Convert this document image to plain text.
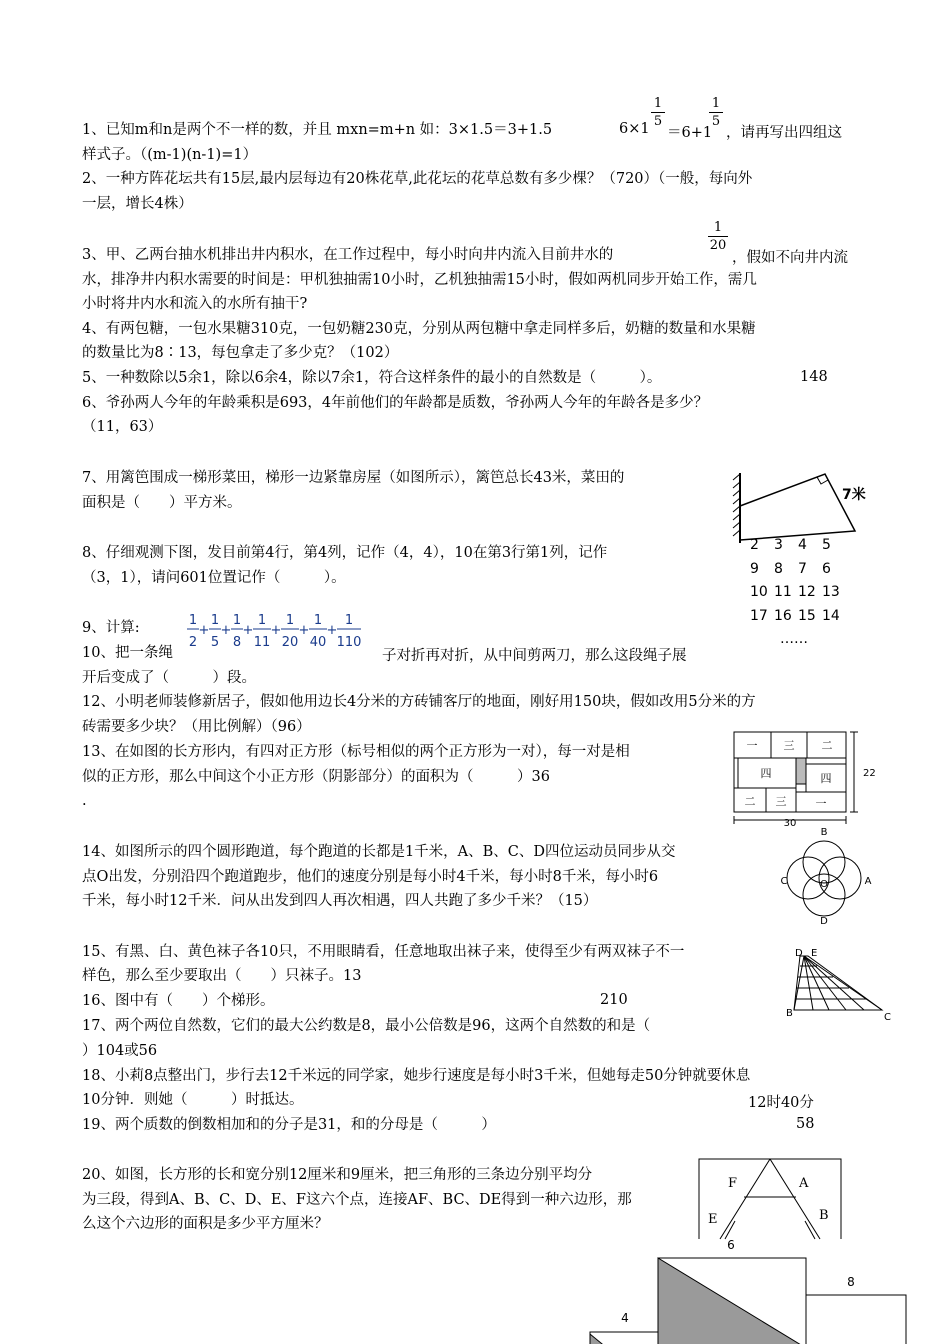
1、已知m和n是两个不一样的数，并且 mxn=m+n 如：3×1.5＝3+1.5	6×1
1
5
＝6+1
1
5
，请再写出四组这
样式子。（(m-1)(n-1)=1）
2、一种方阵花坛共有15层,最内层每边有20株花草,此花坛的花草总数有多少棵？（720）（一般，每向外
一层，增长4株）
3、甲、乙两台抽水机排出井内积水，在工作过程中，每小时向井内流入目前井水的
1
20
，假如不向井内流
水，排净井内积水需要的时间是：甲机独抽需10小时，乙机独抽需15小时，假如两机同步开始工作，需几
小时将井内水和流入的水所有抽干?
4、有两包糖，一包水果糖310克，一包奶糖230克，分别从两包糖中拿走同样多后，奶糖的数量和水果糖
的数量比为8∶13，每包拿走了多少克？（102）
5、一种数除以5余1，除以6余4，除以7余1，符合这样条件的最小的自然数是（　　　）。	148
6、爷孙两人今年的年龄乘积是693，4年前他们的年龄都是质数，爷孙两人今年的年龄各是多少？
（11，63）
7、用篱笆围成一梯形菜田，梯形一边紧靠房屋（如图所示），篱笆总长43米，菜田的
面积是（　　）平方米。	7米
8、仔细观测下图，发目前第4行，第4列，记作（4，4），10在第3行第1列，记作
（3，1），请问601位置记作（　　　）。
2 3 4 5
9 8 7 6
10 11 12 13
17 16 15 14
……
9、计算:	1
2
+
1
5
+
1
8
+
1
11
+
1
20
+
1
40
+
1
110
10、把一条绳	子对折再对折，从中间剪两刀，那么这段绳子展
开后变成了（　　　）段。
12、小明老师装修新居子，假如他用边长4分米的方砖铺客厅的地面，刚好用150块，假如改用5分米的方
砖需要多少块？（用比例解）（96）
13、在如图的长方形内，有四对正方形（标号相似的两个正方形为一对），每一对是相
似的正方形，那么中间这个小正方形（阴影部分）的面积为（　　　）36
.
一 三 二
四	四
二 三	一
22
30
14、如图所示的四个圆形跑道，每个跑道的长都是1千米，A、B、C、D四位运动员同步从交
点O出发，分别沿四个跑道跑步，他们的速度分别是每小时4千米，每小时8千米，每小时6
千米，每小时12千米．问从出发到四人再次相遇，四人共跑了多少千米？（15）
B
A
O
C
D
15、有黑、白、黄色袜子各10只，不用眼睛看，任意地取出袜子来，使得至少有两双袜子不一
样色，那么至少要取出（　　）只袜子。13
16、图中有（　　）个梯形。	210
D E
B	C
17、两个两位自然数，它们的最大公约数是8，最小公倍数是96，这两个自然数的和是（
）104或56
18、小莉8点整出门，步行去12千米远的同学家，她步行速度是每小时3千米，但她每走50分钟就要休息
10分钟．则她（　　　）时抵达。	12时40分
19、两个质数的倒数相加和的分子是31，和的分母是（　　　）	58
20、如图，长方形的长和宽分别12厘米和9厘米，把三角形的三条边分别平均分
为三段，得到A、B、C、D、E、F这六个点，连接AF、BC、DE得到一种六边形，那
么这个六边形的面积是多少平方厘米？
F	A
E	B
6
8
4
